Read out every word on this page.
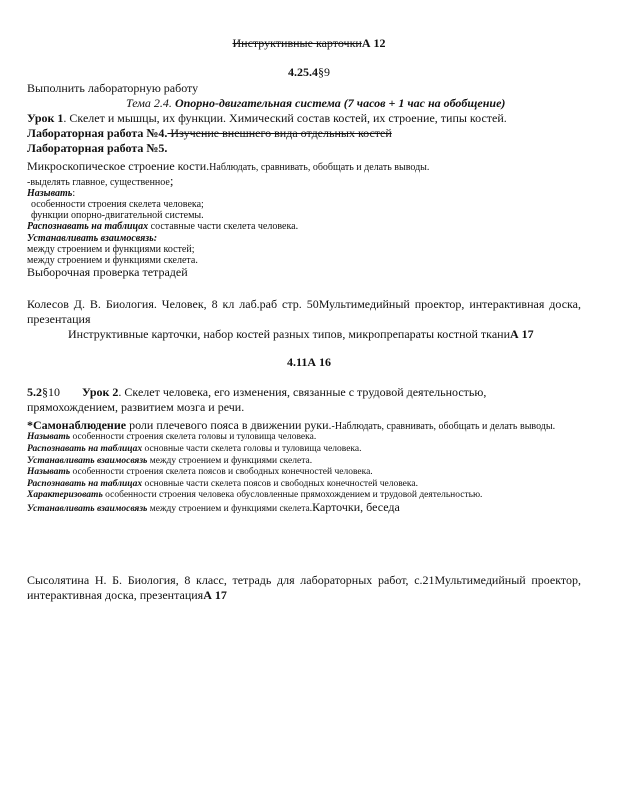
Инструктивные карточкиА 12
4.25.4§9
Выполнить лабораторную работу
Тема 2.4. Опорно-двигательная система (7 часов + 1 час на обобщение)
Урок 1. Скелет и мышцы, их функции. Химический состав костей, их строение, типы костей.
Лабораторная работа №4. Изучение внешнего вида отдельных костей
Лабораторная работа №5.
Микроскопическое строение кости.Наблюдать, сравнивать, обобщать и делать выводы.
-выделять главное, существенное;
Называть:
особенности строения скелета человека;
функции опорно-двигательной системы.
Распознавать на таблицах составные части скелета человека.
Устанавливать взаимосвязь:
между строением и функциями костей;
между строением и функциями скелета.
Выборочная проверка тетрадей
Колесов Д. В. Биология. Человек, 8 кл лаб.раб стр. 50Мультимедийный проектор, интерактивная доска,
презентация
Инструктивные карточки, набор костей разных типов, микропрепараты костной тканиА 17
4.11А 16
5.2§10 Урок 2. Скелет человека, его изменения, связанные с трудовой деятельностью,
прямохождением, развитием мозга и речи.
*Самонаблюдение роли плечевого пояса в движении руки.-Наблюдать, сравнивать, обобщать и делать выводы.
Называть особенности строения скелета головы и туловища человека.
Распознавать на таблицах основные части скелета головы и туловища человека.
Устанавливать взаимосвязь между строением и функциями скелета.
Называть особенности строения скелета поясов и свободных конечностей человека.
Распознавать на таблицах основные части скелета поясов и свободных конечностей человека.
Характеризовать особенности строения человека обусловленные прямохождением и трудовой деятельностью.
Устанавливать взаимосвязь между строением и функциями скелета.Карточки, беседа
Сысолятина Н. Б. Биология, 8 класс, тетрадь для лабораторных работ, с.21Мультимедийный проектор,
интерактивная доска, презентацияА 17
